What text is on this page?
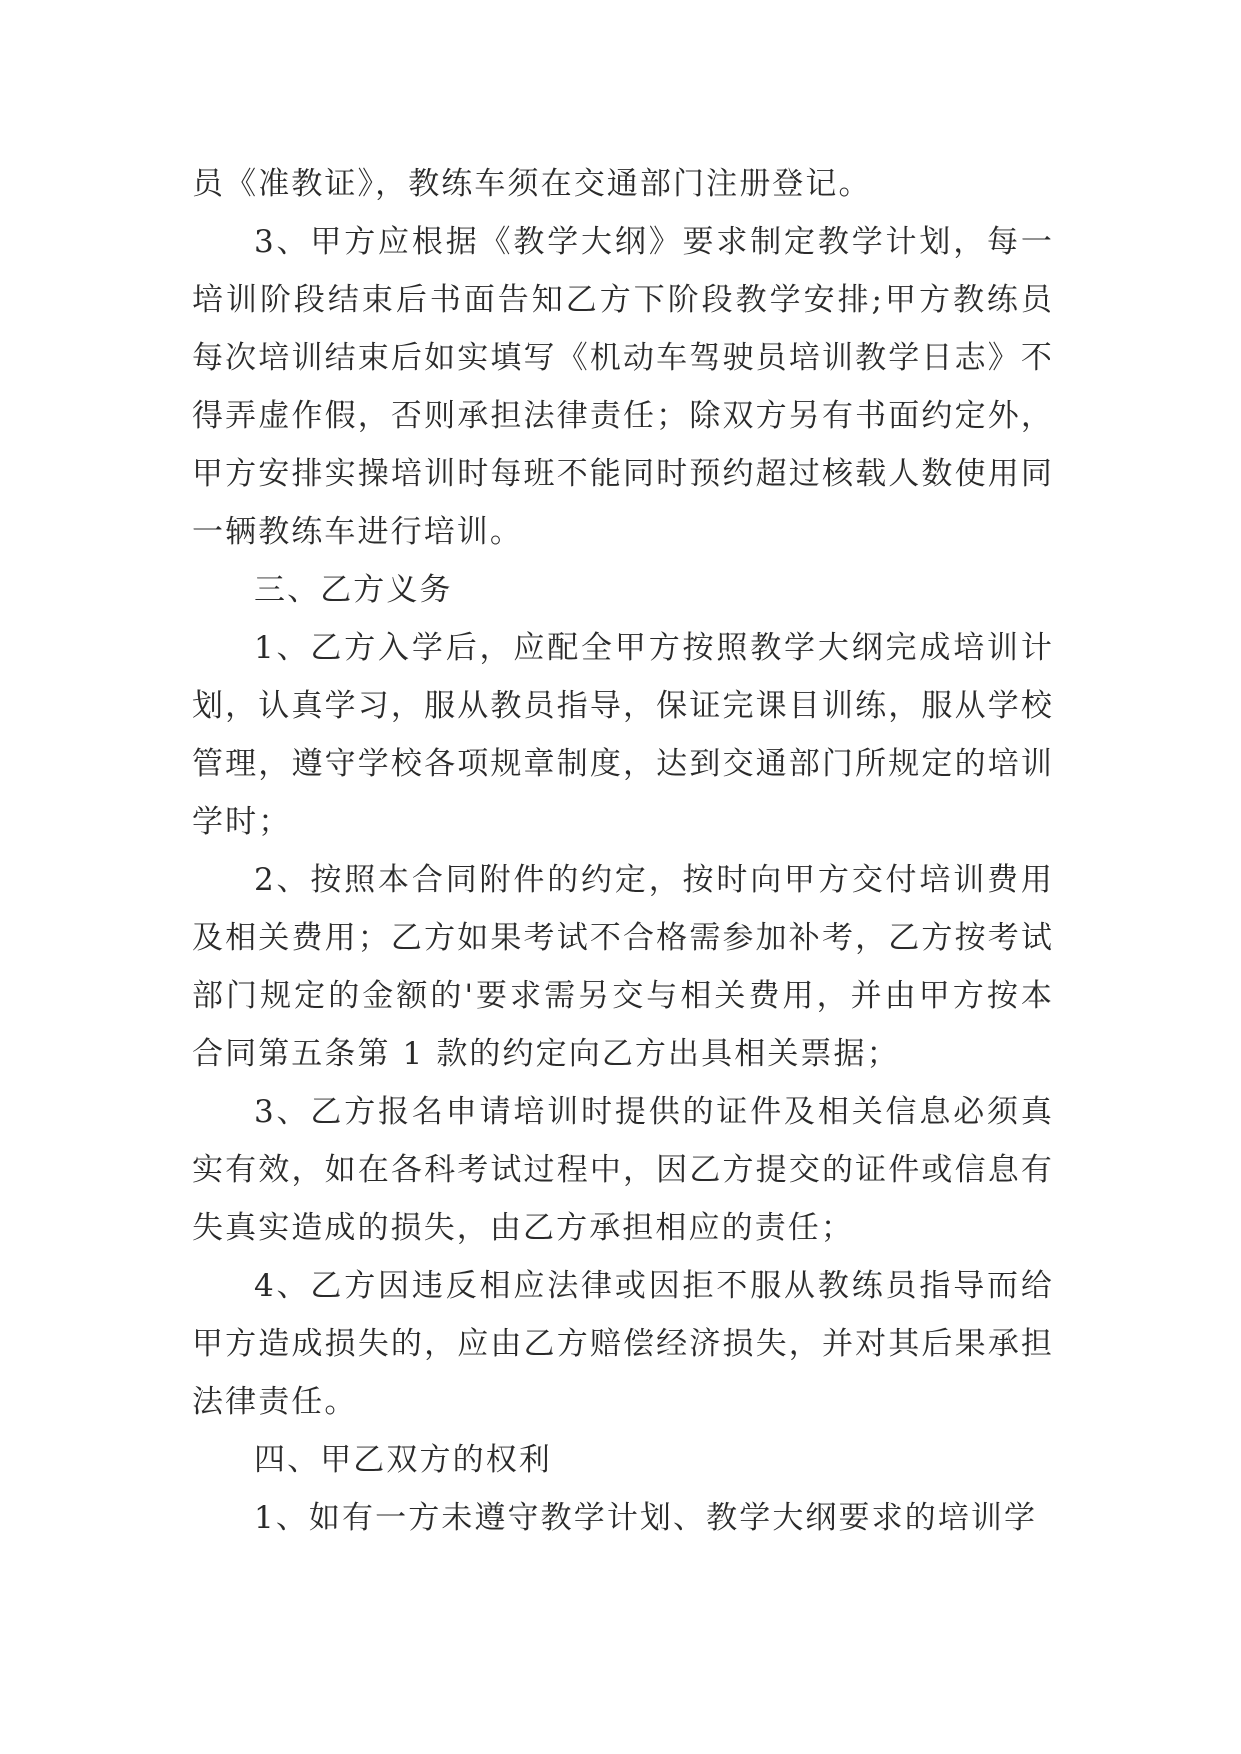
员《准教证》，教练车须在交通部门注册登记。

3、甲方应根据《教学大纲》要求制定教学计划，每一培训阶段结束后书面告知乙方下阶段教学安排;甲方教练员每次培训结束后如实填写《机动车驾驶员培训教学日志》不得弄虚作假，否则承担法律责任；除双方另有书面约定外，甲方安排实操培训时每班不能同时预约超过核载人数使用同一辆教练车进行培训。

三、乙方义务

1、乙方入学后，应配全甲方按照教学大纲完成培训计划，认真学习，服从教员指导，保证完课目训练，服从学校管理，遵守学校各项规章制度，达到交通部门所规定的培训学时；

2、按照本合同附件的约定，按时向甲方交付培训费用及相关费用；乙方如果考试不合格需参加补考，乙方按考试部门规定的金额的'要求需另交与相关费用，并由甲方按本合同第五条第 1 款的约定向乙方出具相关票据；

3、乙方报名申请培训时提供的证件及相关信息必须真实有效，如在各科考试过程中，因乙方提交的证件或信息有失真实造成的损失，由乙方承担相应的责任；

4、乙方因违反相应法律或因拒不服从教练员指导而给甲方造成损失的，应由乙方赔偿经济损失，并对其后果承担法律责任。

四、甲乙双方的权利

1、如有一方未遵守教学计划、教学大纲要求的培训学
